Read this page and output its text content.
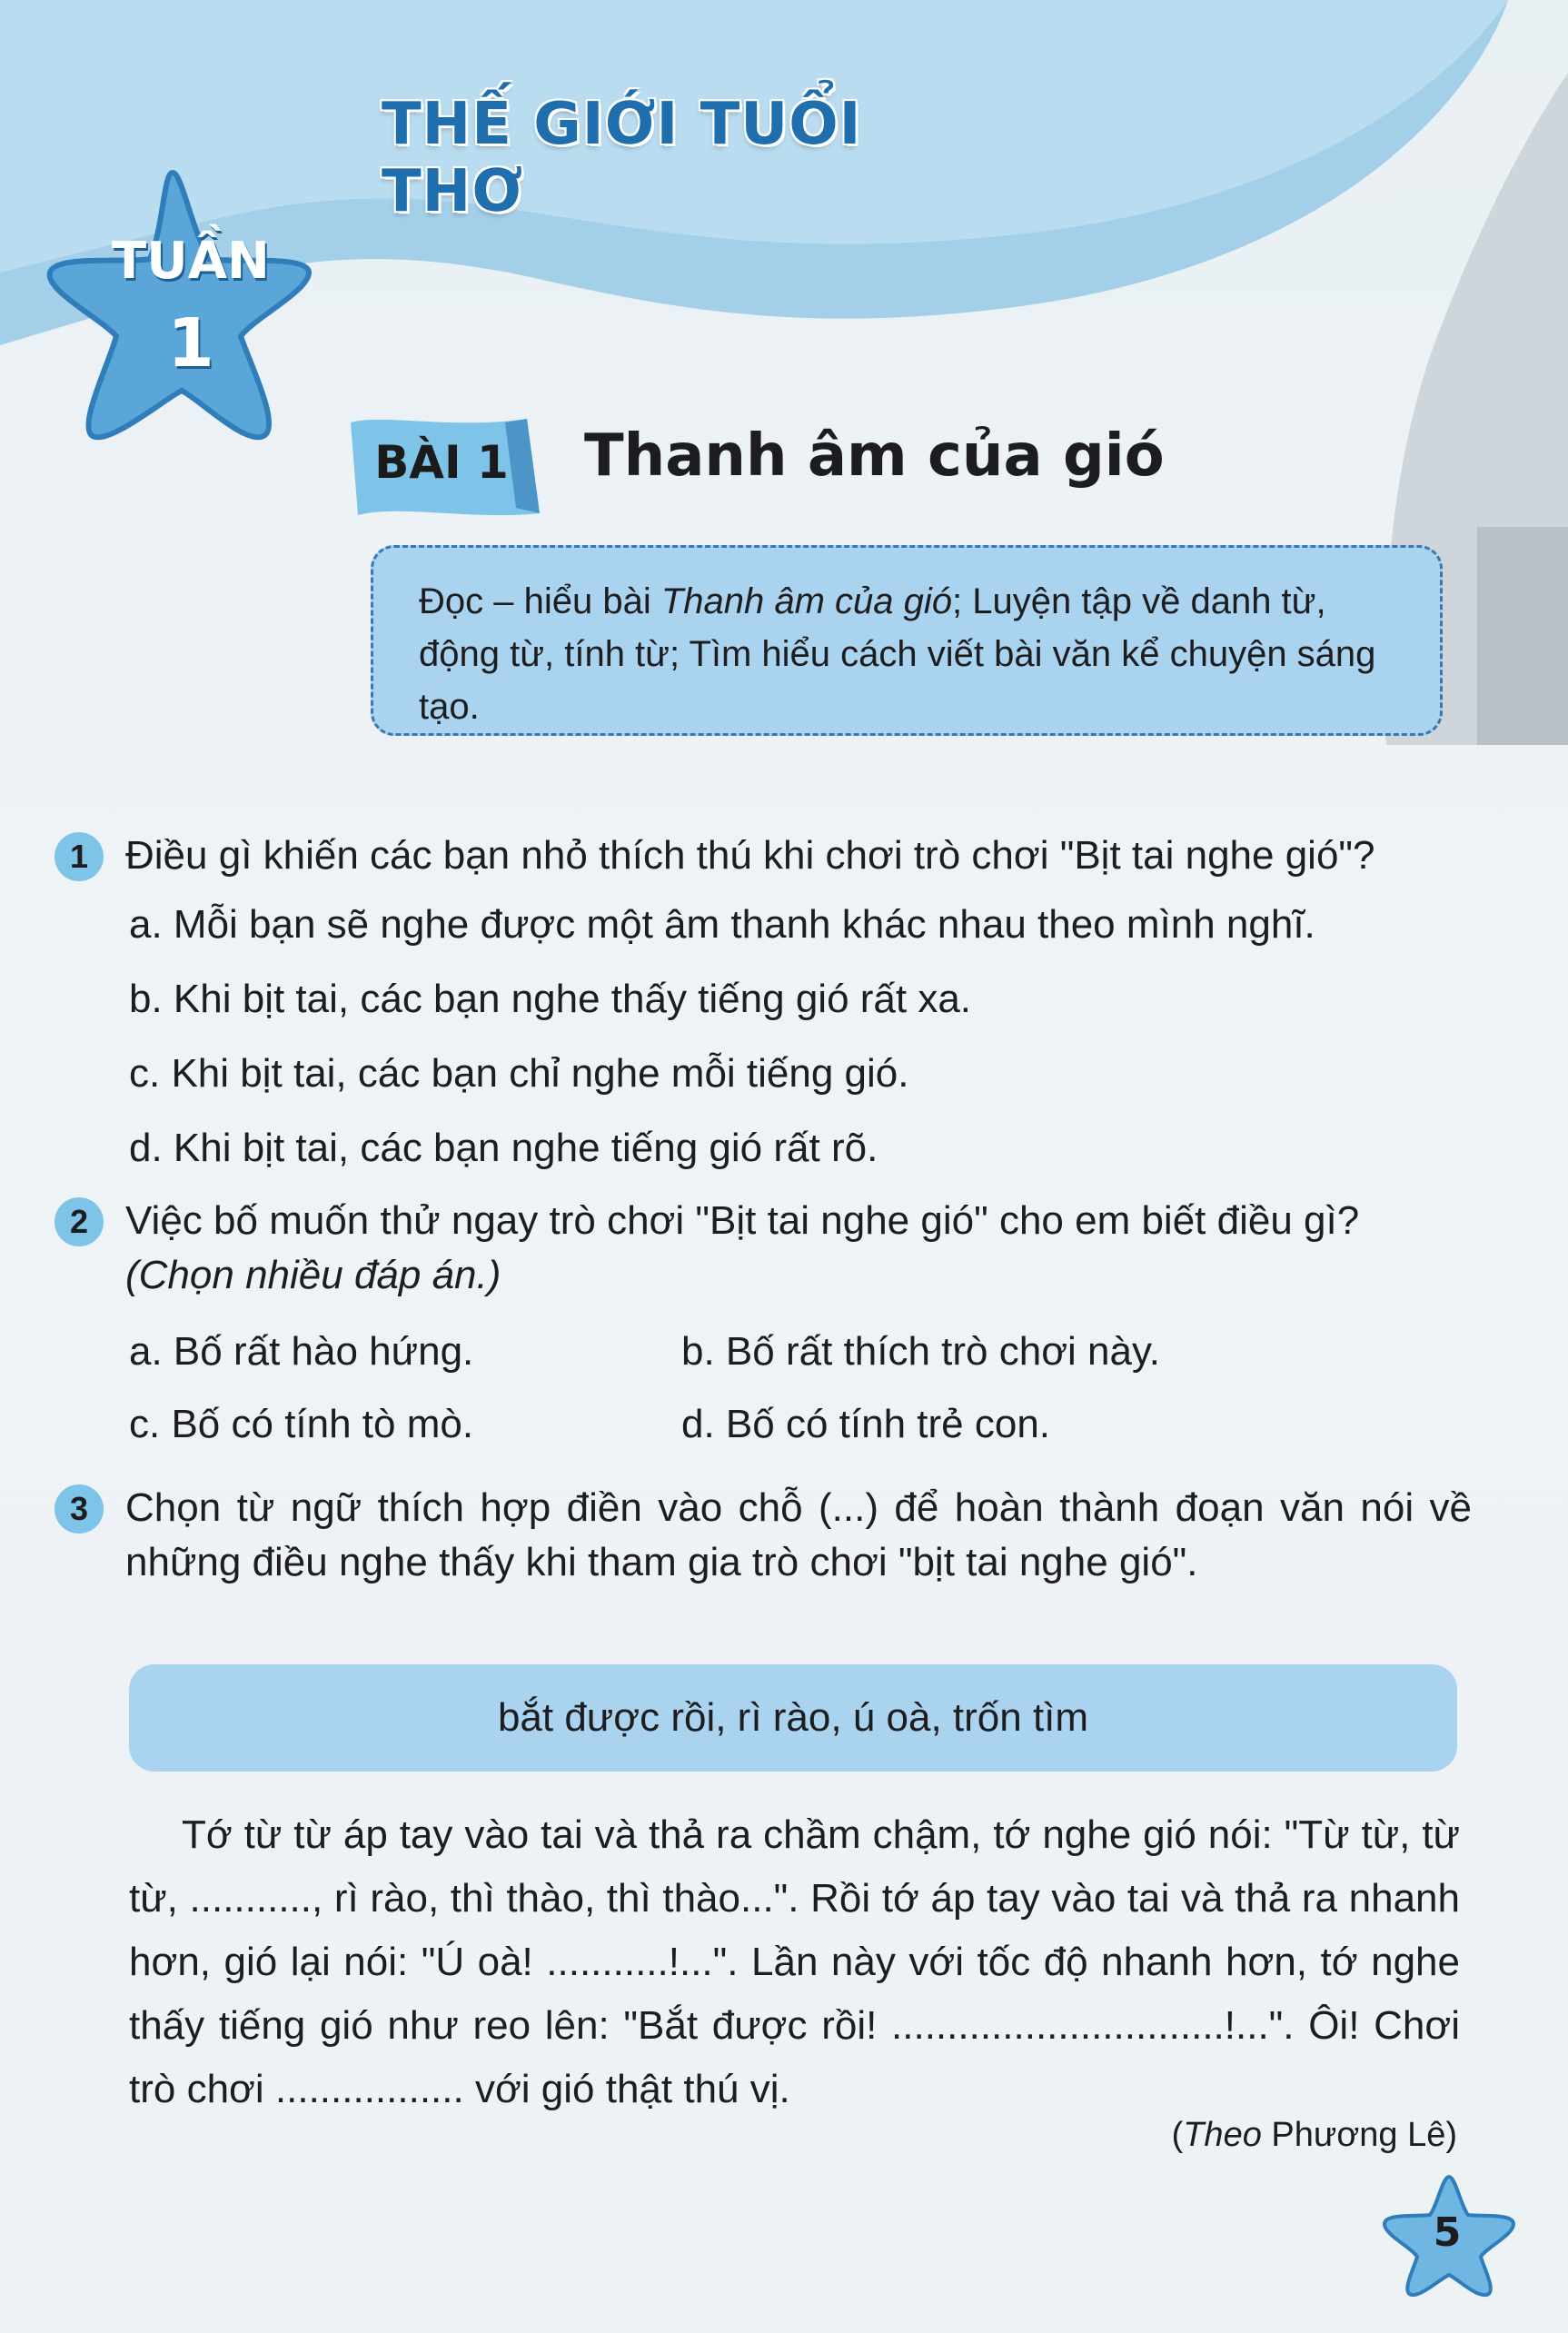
THẾ GIỚI TUỔI THƠ
TUẦN
1
BÀI 1 Thanh âm của gió
Đọc – hiểu bài Thanh âm của gió; Luyện tập về danh từ, động từ, tính từ; Tìm hiểu cách viết bài văn kể chuyện sáng tạo.
1 Điều gì khiến các bạn nhỏ thích thú khi chơi trò chơi "Bịt tai nghe gió"?
a. Mỗi bạn sẽ nghe được một âm thanh khác nhau theo mình nghĩ.
b. Khi bịt tai, các bạn nghe thấy tiếng gió rất xa.
c. Khi bịt tai, các bạn chỉ nghe mỗi tiếng gió.
d. Khi bịt tai, các bạn nghe tiếng gió rất rõ.
2 Việc bố muốn thử ngay trò chơi "Bịt tai nghe gió" cho em biết điều gì? (Chọn nhiều đáp án.)
a. Bố rất hào hứng.	b. Bố rất thích trò chơi này.
c. Bố có tính tò mò.	d. Bố có tính trẻ con.
3 Chọn từ ngữ thích hợp điền vào chỗ (...) để hoàn thành đoạn văn nói về những điều nghe thấy khi tham gia trò chơi "bịt tai nghe gió".
bắt được rồi, rì rào, ú oà, trốn tìm

Tớ từ từ áp tay vào tai và thả ra chầm chậm, tớ nghe gió nói: "Từ từ, từ từ, ..........., rì rào, thì thào, thì thào...". Rồi tớ áp tay vào tai và thả ra nhanh hơn, gió lại nói: "Ú oà! ...........!...". Lần này với tốc độ nhanh hơn, tớ nghe thấy tiếng gió như reo lên: "Bắt được rồi! ..............................!...". Ôi! Chơi trò chơi ................. với gió thật thú vị.

(Theo Phương Lê)
5
